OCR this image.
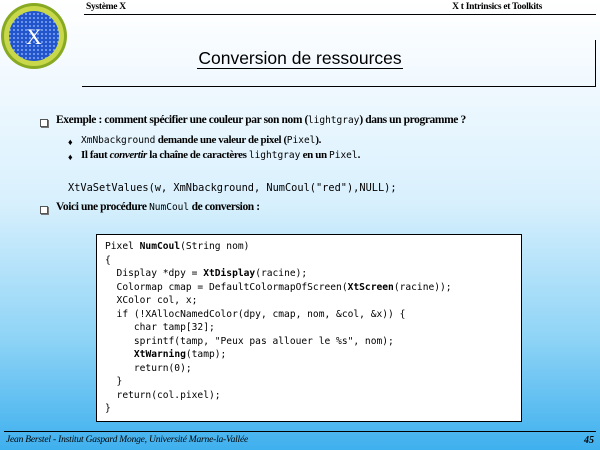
Système X	X t Intrinsics et Toolkits
X
Conversion de ressources
Exemple : comment spécifier une couleur par son nom (lightgray) dans un programme ?
♦ XmNbackground demande une valeur de pixel (Pixel).
♦ Il faut convertir la chaîne de caractères lightgray en un Pixel.
XtVaSetValues(w, XmNbackground, NumCoul("red"),NULL);
Voici une procédure NumCoul de conversion :
Pixel NumCoul(String nom)
{
Display *dpy = XtDisplay(racine);
Colormap cmap = DefaultColormapOfScreen(XtScreen(racine));
XColor col, x;
if (!XAllocNamedColor(dpy, cmap, nom, &col, &x)) {
char tamp[32];
sprintf(tamp, "Peux pas allouer le %s", nom);
XtWarning(tamp);
return(0);
}
return(col.pixel);
}
Jean Berstel - Institut Gaspard Monge, Université Marne-la-Vallée	45
